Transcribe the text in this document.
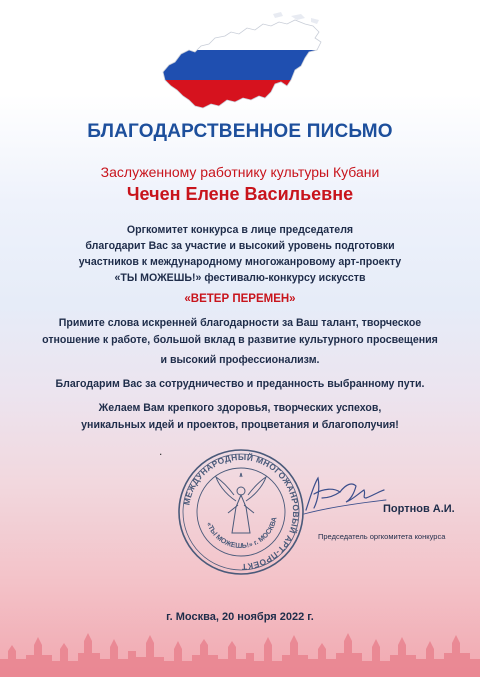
БЛАГОДАРСТВЕННОЕ ПИСЬМО
Заслуженному работнику культуры Кубани
Чечен Елене Васильевне
Оргкомитет конкурса в лице председателя
благодарит Вас за участие и высокий уровень подготовки
участников к международному многожанровому арт-проекту
«ТЫ МОЖЕШЬ!» фестивалю-конкурсу искусств
«ВЕТЕР ПЕРЕМЕН»
Примите слова искренней благодарности за Ваш талант, творческое
отношение к работе, большой вклад в развитие культурного просвещения
и высокий профессионализм.
Благодарим Вас за сотрудничество и преданность выбранному пути.
Желаем Вам крепкого здоровья, творческих успехов,
уникальных идей и проектов, процветания и благополучия!
.
МЕЖДУНАРОДНЫЙ МНОГОЖАНРОВЫЙ АРТ-ПРОЕКТ
«ТЫ МОЖЕШЬ!» г. МОСКВА
Портнов А.И.
Председатель оргкомитета конкурса
г. Москва, 20 ноября 2022 г.
